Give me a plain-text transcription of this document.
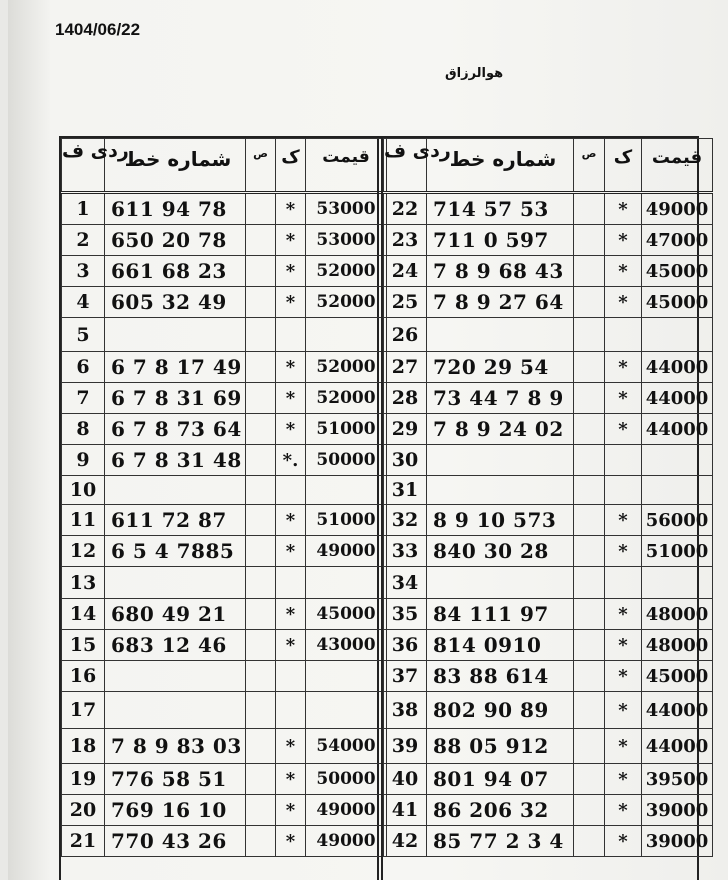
1404/06/22
هوالرزاق
ردی ف	شماره خط	ص	ک	قیمت
1	611 94 78		*	53000
2	650 20 78		*	53000
3	661 68 23		*	52000
4	605 32 49		*	52000
5				
6	6 7 8 17 49		*	52000
7	6 7 8 31 69		*	52000
8	6 7 8 73 64		*	51000
9	6 7 8 31 48		*.	50000
10				
11	611 72 87		*	51000
12	6 5 4 7885		*	49000
13				
14	680 49 21		*	45000
15	683 12 46		*	43000
16				
17				
18	7 8 9 83 03		*	54000
19	776 58 51		*	50000
20	769 16 10		*	49000
21	770 43 26		*	49000
ردی ف	شماره خط	ص	ک	قیمت
22	714 57 53		*	49000
23	711 0 597		*	47000
24	7 8 9 68 43		*	45000
25	7 8 9 27 64		*	45000
26				
27	720 29 54		*	44000
28	73 44 7 8 9		*	44000
29	7 8 9 24 02		*	44000
30				
31				
32	8 9 10 573		*	56000
33	840 30 28		*	51000
34				
35	84 111 97		*	48000
36	814 0910		*	48000
37	83 88 614		*	45000
38	802 90 89		*	44000
39	88 05 912		*	44000
40	801 94 07		*	39500
41	86 206 32		*	39000
42	85 77 2 3 4		*	39000
